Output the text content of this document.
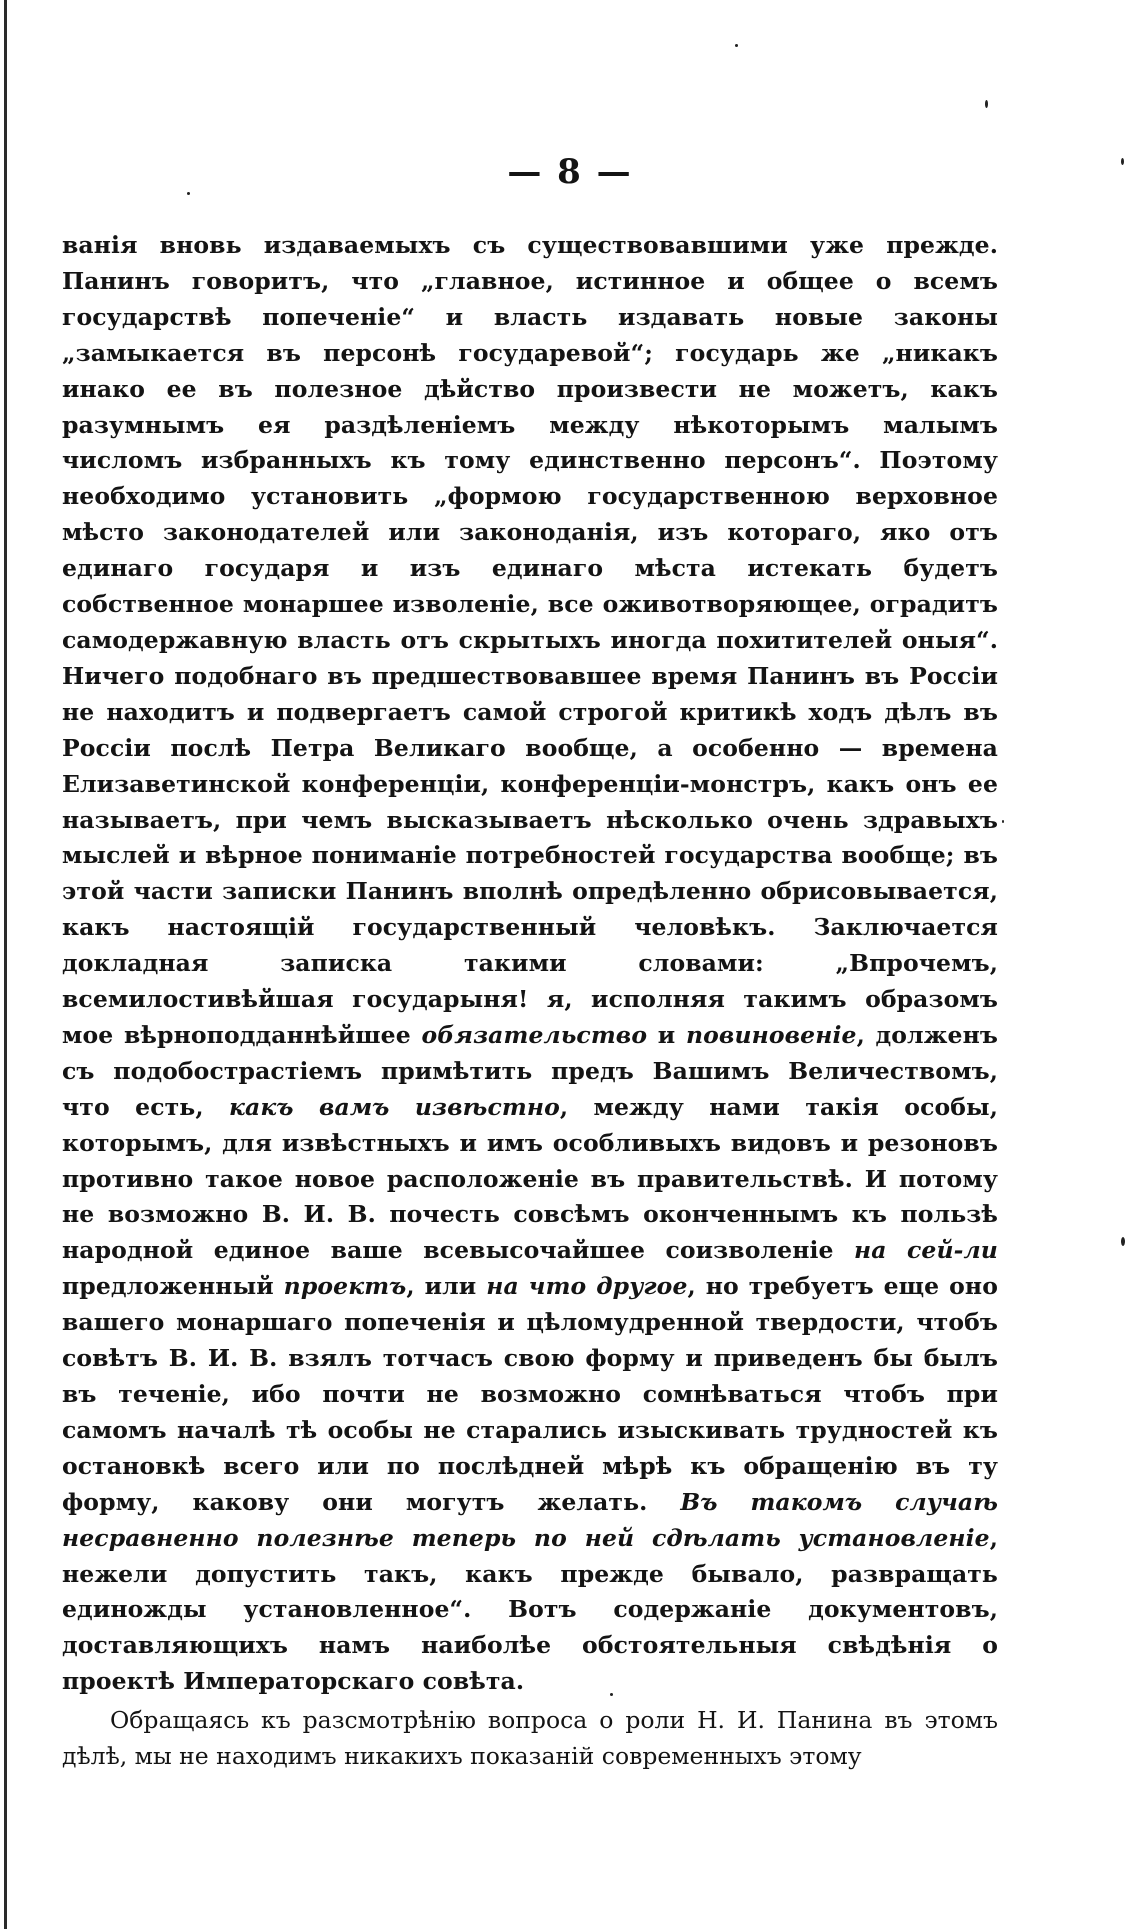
— 8 —

ванія вновь издаваемыхъ съ существовавшими уже прежде. Панинъ говоритъ, что „главное, истинное и общее о всемъ государствѣ попеченіе“ и власть издавать новые законы „замыкается въ персонѣ государевой“; государь же „никакъ инако ее въ полезное дѣйство произвести не можетъ, какъ разумнымъ ея раздѣленіемъ между нѣкоторымъ малымъ числомъ избранныхъ къ тому единственно персонъ“. Поэтому необходимо установить „формою государственною верховное мѣсто законодателей или законоданія, изъ котораго, яко отъ единаго государя и изъ единаго мѣста истекать будетъ собственное монаршее изволеніе, все оживотворяющее, оградитъ самодержавную власть отъ скрытыхъ иногда похитителей оныя“. Ничего подобнаго въ предшествовавшее время Панинъ въ Россіи не находитъ и подвергаетъ самой строгой критикѣ ходъ дѣлъ въ Россіи послѣ Петра Великаго вообще, а особенно — времена Елизаветинской конференціи, конференціи-монстръ, какъ онъ ее называетъ, при чемъ высказываетъ нѣсколько очень здравыхъ мыслей и вѣрное пониманіе потребностей государства вообще; въ этой части записки Панинъ вполнѣ опредѣленно обрисовывается, какъ настоящій государственный человѣкъ. Заключается докладная записка такими словами: „Впрочемъ, всемилостивѣйшая государыня! я, исполняя такимъ образомъ мое вѣрноподданнѣйшее обязательство и повиновеніе, долженъ съ подобострастіемъ примѣтить предъ Вашимъ Величествомъ, что есть, какъ вамъ извѣстно, между нами такія особы, которымъ, для извѣстныхъ и имъ особливыхъ видовъ и резоновъ противно такое новое расположеніе въ правительствѣ. И потому не возможно В. И. В. почесть совсѣмъ оконченнымъ къ пользѣ народной единое ваше всевысочайшее соизволеніе на сей-ли предложенный проектъ, или на что другое, но требуетъ еще оно вашего монаршаго попеченія и цѣломудренной твердости, чтобъ совѣтъ В. И. В. взялъ тотчасъ свою форму и приведенъ бы былъ въ теченіе, ибо почти не возможно сомнѣваться чтобъ при самомъ началѣ тѣ особы не старались изыскивать трудностей къ остановкѣ всего или по послѣдней мѣрѣ къ обращенію въ ту форму, какову они могутъ желать. Въ такомъ случаѣ несравненно полезнѣе теперь по ней сдѣлать установленіе, нежели допустить такъ, какъ прежде бывало, развращать единожды установленное“. Вотъ содержаніе документовъ, доставляющихъ намъ наиболѣе обстоятельныя свѣдѣнія о проектѣ Императорскаго совѣта.

Обращаясь къ разсмотрѣнію вопроса о роли Н. И. Панина въ этомъ дѣлѣ, мы не находимъ никакихъ показаній современныхъ этому
